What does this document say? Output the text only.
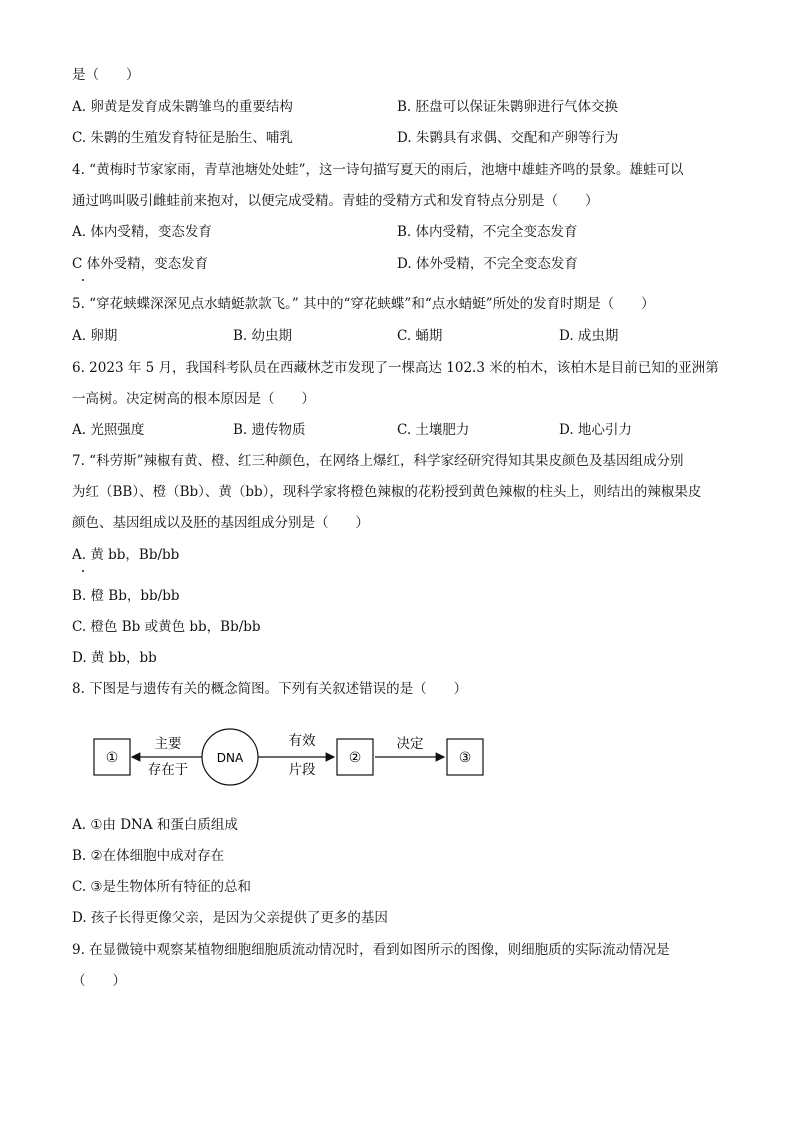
是（　　）
A. 卵黄是发育成朱鹮雏鸟的重要结构	B. 胚盘可以保证朱鹮卵进行气体交换
C. 朱鹮的生殖发育特征是胎生、哺乳	D. 朱鹮具有求偶、交配和产卵等行为
4. “黄梅时节家家雨，青草池塘处处蛙”，这一诗句描写夏天的雨后，池塘中雄蛙齐鸣的景象。雄蛙可以
通过鸣叫吸引雌蛙前来抱对，以便完成受精。青蛙的受精方式和发育特点分别是（　　）
A. 体内受精，变态发育	B. 体内受精，不完全变态发育
C 体外受精，变态发育	D. 体外受精，不完全变态发育
5. “穿花蛱蝶深深见点水蜻蜓款款飞。” 其中的“穿花蛱蝶”和“点水蜻蜓”所处的发育时期是（　　）
A. 卵期	B. 幼虫期	C. 蛹期	D. 成虫期
6. 2023 年 5 月，我国科考队员在西藏林芝市发现了一棵高达 102.3 米的柏木，该柏木是目前已知的亚洲第
一高树。决定树高的根本原因是（　　）
A. 光照强度	B. 遗传物质	C. 土壤肥力	D. 地心引力
7. “科劳斯”辣椒有黄、橙、红三种颜色，在网络上爆红，科学家经研究得知其果皮颜色及基因组成分别
为红（BB）、橙（Bb）、黄（bb），现科学家将橙色辣椒的花粉授到黄色辣椒的柱头上，则结出的辣椒果皮
颜色、基因组成以及胚的基因组成分别是（　　）
A. 黄 bb，Bb/bb
B. 橙 Bb，bb/bb
C. 橙色 Bb 或黄色 bb，Bb/bb
D. 黄 bb，bb
8. 下图是与遗传有关的概念简图。下列有关叙述错误的是（　　）
①
主要
存在于
DNA
有效
片段
②
决定
③
A. ①由 DNA 和蛋白质组成
B. ②在体细胞中成对存在
C. ③是生物体所有特征的总和
D. 孩子长得更像父亲，是因为父亲提供了更多的基因
9. 在显微镜中观察某植物细胞细胞质流动情况时，看到如图所示的图像，则细胞质的实际流动情况是
（　　）
